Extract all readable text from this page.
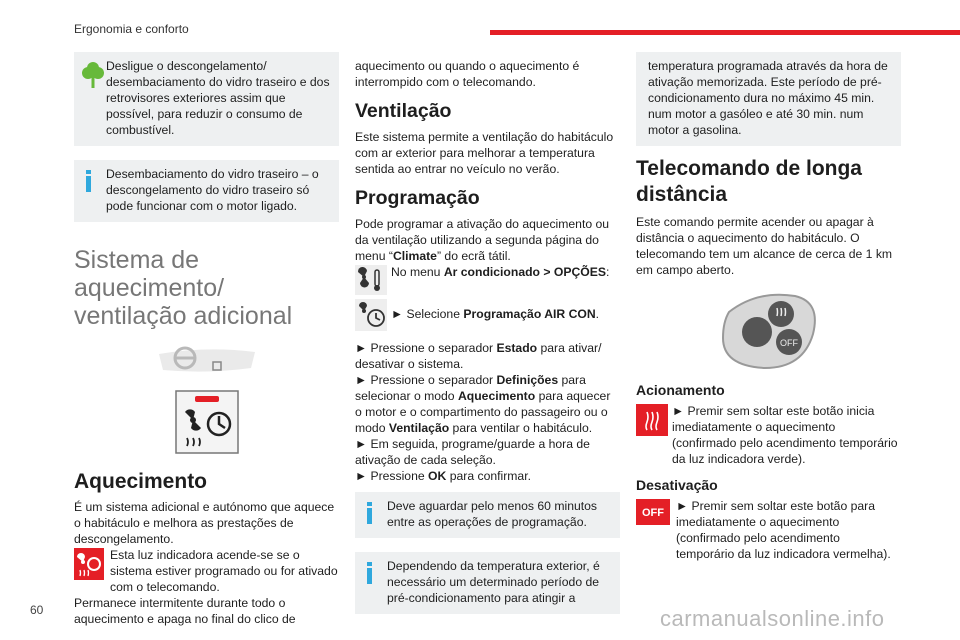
Ergonomia e conforto
Desligue o descongelamento/ desembaciamento do vidro traseiro e dos retrovisores exteriores assim que possível, para reduzir o consumo de combustível.
Desembaciamento do vidro traseiro – o descongelamento do vidro traseiro só pode funcionar com o motor ligado.
Sistema de aquecimento/ ventilação adicional
Aquecimento

É um sistema adicional e autónomo que aquece o habitáculo e melhora as prestações de descongelamento.

Esta luz indicadora acende-se se o sistema estiver programado ou for ativado com o telecomando.

Permanece intermitente durante todo o aquecimento e apaga no final do clico de

aquecimento ou quando o aquecimento é interrompido com o telecomando.

Ventilação

Este sistema permite a ventilação do habitáculo com ar exterior para melhorar a temperatura sentida ao entrar no veículo no verão.

Programação

Pode programar a ativação do aquecimento ou da ventilação utilizando a segunda página do menu “Climate” do ecrã tátil.

No menu Ar condicionado > OPÇÕES:

► Selecione Programação AIR CON.

► Pressione o separador Estado para ativar/ desativar o sistema.

► Pressione o separador Definições para selecionar o modo Aquecimento para aquecer o motor e o compartimento do passageiro ou o modo Ventilação para ventilar o habitáculo.

► Em seguida, programe/guarde a hora de ativação de cada seleção.

► Pressione OK para confirmar.

Deve aguardar pelo menos 60 minutos entre as operações de programação.
Dependendo da temperatura exterior, é necessário um determinado período de pré-condicionamento para atingir a
temperatura programada através da hora de ativação memorizada. Este período de pré-condicionamento dura no máximo 45 min. num motor a gasóleo e até 30 min. num motor a gasolina.
Telecomando de longa distância

Este comando permite acender ou apagar à distância o aquecimento do habitáculo. O telecomando tem um alcance de cerca de 1 km em campo aberto.

OFF
Acionamento

► Premir sem soltar este botão inicia imediatamente o aquecimento (confirmado pelo acendimento temporário da luz indicadora verde).

Desativação
OFF ► Premir sem soltar este botão para imediatamente o aquecimento (confirmado pelo acendimento temporário da luz indicadora vermelha).

60	carmanualsonline.info
